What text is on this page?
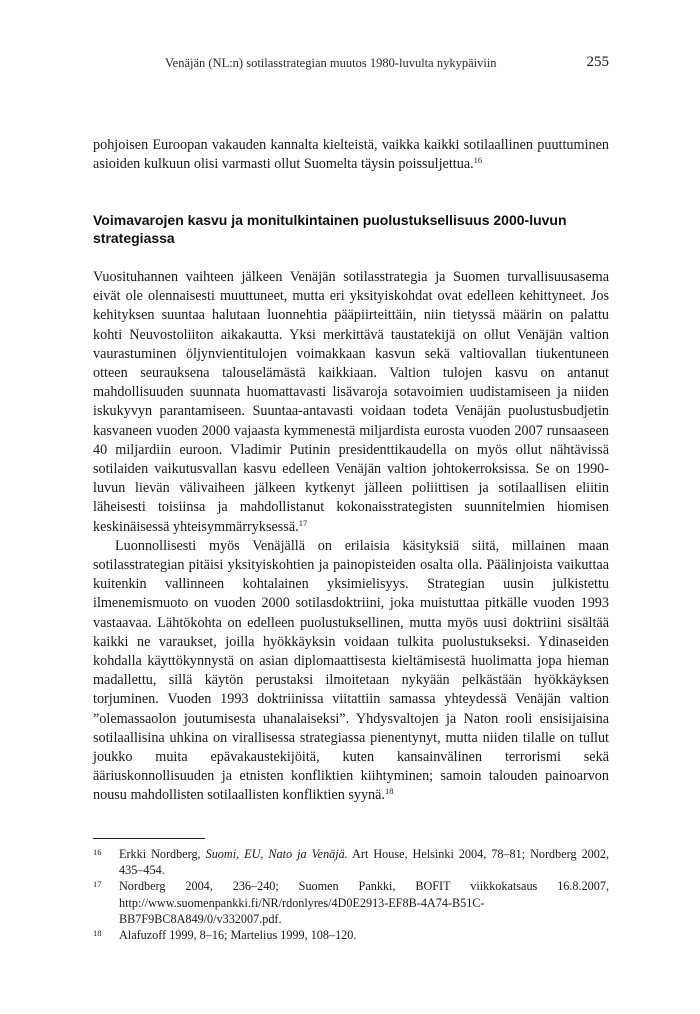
Venäjän (NL:n) sotilasstrategian muutos 1980-luvulta nykypäiviin	255

pohjoisen Euroopan vakauden kannalta kielteistä, vaikka kaikki sotilaallinen puuttuminen asioiden kulkuun olisi varmasti ollut Suomelta täysin poissuljettua.$^{16}$

Voimavarojen kasvu ja monitulkintainen puolustuksellisuus 2000-luvun strategiassa

Vuosituhannen vaihteen jälkeen Venäjän sotilasstrategia ja Suomen turvallisuusasema eivät ole olennaisesti muuttuneet, mutta eri yksityiskohdat ovat edelleen kehittyneet. Jos kehityksen suuntaa halutaan luonnehtia pääpiirteittäin, niin tietyssä määrin on palattu kohti Neuvostoliiton aikakautta. Yksi merkittävä taustatekijä on ollut Venäjän valtion vaurastuminen öljynvientitulojen voimakkaan kasvun sekä valtiovallan tiukentuneen otteen seurauksena talouselämästä kaikkiaan. Valtion tulojen kasvu on antanut mahdollisuuden suunnata huomattavasti lisävaroja sotavoimien uudistamiseen ja niiden iskukyvyn parantamiseen. Suuntaa-antavasti voidaan todeta Venäjän puolustusbudjetin kasvaneen vuoden 2000 vajaasta kymmenestä miljardista eurosta vuoden 2007 runsaaseen 40 miljardiin euroon. Vladimir Putinin presidenttikaudella on myös ollut nähtävissä sotilaiden vaikutusvallan kasvu edelleen Venäjän valtion johtokerroksissa. Se on 1990-luvun lievän välivaiheen jälkeen kytkenyt jälleen poliittisen ja sotilaallisen eliitin läheisesti toisiinsa ja mahdollistanut kokonaisstrategisten suunnitelmien hiomisen keskinäisessä yhteisymmärryksessä.$^{17}$

Luonnollisesti myös Venäjällä on erilaisia käsityksiä siitä, millainen maan sotilasstrategian pitäisi yksityiskohtien ja painopisteiden osalta olla. Päälinjoista vaikuttaa kuitenkin vallinneen kohtalainen yksimielisyys. Strategian uusin julkistettu ilmenemismuoto on vuoden 2000 sotilasdoktriini, joka muistuttaa pitkälle vuoden 1993 vastaavaa. Lähtökohta on edelleen puolustuksellinen, mutta myös uusi doktriini sisältää kaikki ne varaukset, joilla hyökkäyksin voidaan tulkita puolustukseksi. Ydinaseiden kohdalla käyttökynnystä on asian diplomaattisesta kieltämisestä huolimatta jopa hieman madallettu, sillä käytön perustaksi ilmoitetaan nykyään pelkästään hyökkäyksen torjuminen. Vuoden 1993 doktriinissa viitattiin samassa yhteydessä Venäjän valtion ”olemassaolon joutumisesta uhanalaiseksi”. Yhdysvaltojen ja Naton rooli ensisijaisina sotilaallisina uhkina on virallisessa strategiassa pienentynyt, mutta niiden tilalle on tullut joukko muita epävakaustekijöitä, kuten kansainvälinen terrorismi sekä ääriuskonnollisuuden ja etnisten konfliktien kiihtyminen; samoin talouden painoarvon nousu mahdollisten sotilaallisten konfliktien syynä.$^{18}$

16	Erkki Nordberg, Suomi, EU, Nato ja Venäjä. Art House, Helsinki 2004, 78–81; Nordberg 2002, 435–454.
17	Nordberg 2004, 236–240; Suomen Pankki, BOFIT viikkokatsaus 16.8.2007, http://www.suomenpankki.fi/NR/rdonlyres/4D0E2913-EF8B-4A74-B51C-BB7F9BC8A849/0/v332007.pdf.
18	Alafuzoff 1999, 8–16; Martelius 1999, 108–120.
